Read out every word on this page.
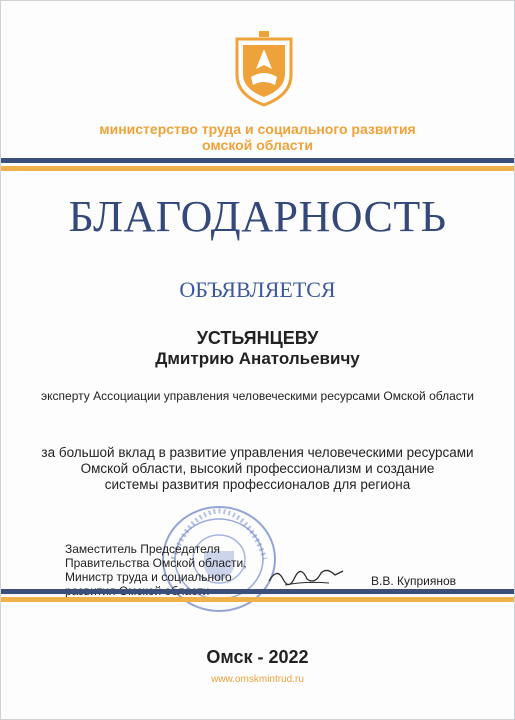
министерство труда и социального развития
омской области
БЛАГОДАРНОСТЬ
ОБЪЯВЛЯЕТСЯ
УСТЬЯНЦЕВУ
Дмитрию Анатольевичу
эксперту Ассоциации управления человеческими ресурсами Омской области
за большой вклад в развитие управления человеческими ресурсами
Омской области, высокий профессионализм и создание
системы развития профессионалов для региона
Заместитель Председателя
Правительства Омской области,
Министр труда и социального	В.В. Куприянов
Омск - 2022
www.omskmintrud.ru
